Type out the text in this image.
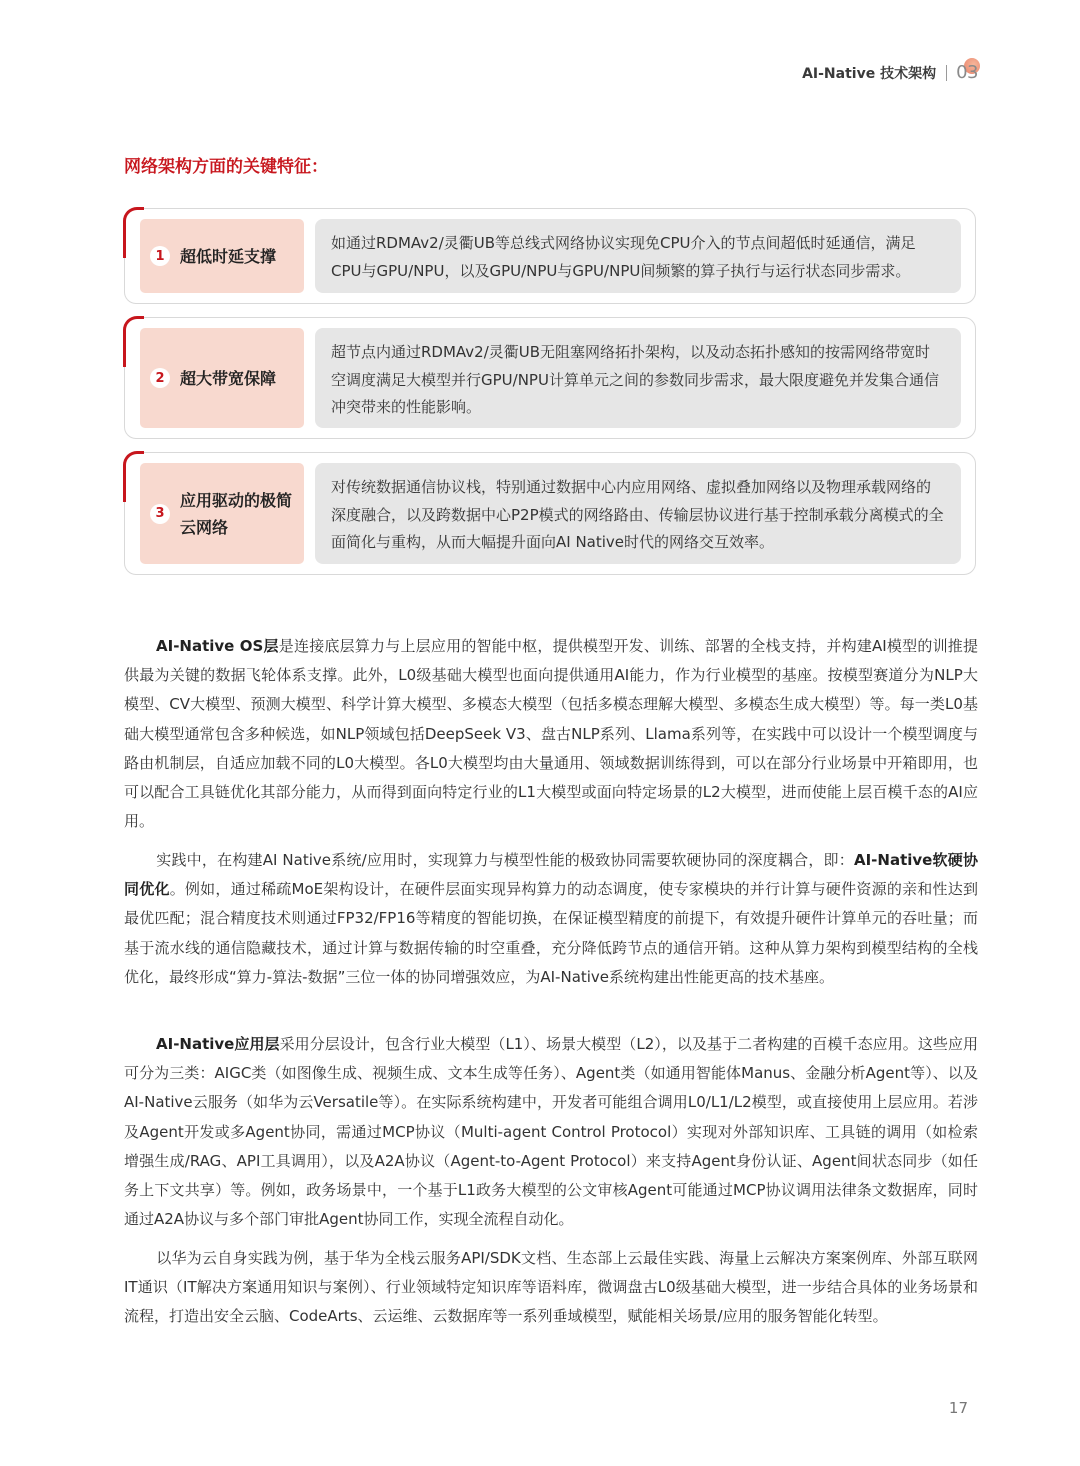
AI-Native 技术架构 03
网络架构方面的关键特征：
1 超低时延支撑
如通过RDMAv2/灵衢UB等总线式网络协议实现免CPU介入的节点间超低时延通信，满足CPU与GPU/NPU，以及GPU/NPU与GPU/NPU间频繁的算子执行与运行状态同步需求。
2 超大带宽保障
超节点内通过RDMAv2/灵衢UB无阻塞网络拓扑架构，以及动态拓扑感知的按需网络带宽时空调度满足大模型并行GPU/NPU计算单元之间的参数同步需求，最大限度避免并发集合通信冲突带来的性能影响。
3
应用驱动的极简云网络
对传统数据通信协议栈，特别通过数据中心内应用网络、虚拟叠加网络以及物理承载网络的深度融合，以及跨数据中心P2P模式的网络路由、传输层协议进行基于控制承载分离模式的全面简化与重构，从而大幅提升面向AI Native时代的网络交互效率。

AI-Native OS层是连接底层算力与上层应用的智能中枢，提供模型开发、训练、部署的全栈支持，并构建AI模型的训推提供最为关键的数据飞轮体系支撑。此外，L0级基础大模型也面向提供通用AI能力，作为行业模型的基座。按模型赛道分为NLP大模型、CV大模型、预测大模型、科学计算大模型、多模态大模型（包括多模态理解大模型、多模态生成大模型）等。每一类L0基础大模型通常包含多种候选，如NLP领域包括DeepSeek V3、盘古NLP系列、Llama系列等，在实践中可以设计一个模型调度与路由机制层，自适应加载不同的L0大模型。各L0大模型均由大量通用、领域数据训练得到，可以在部分行业场景中开箱即用，也可以配合工具链优化其部分能力，从而得到面向特定行业的L1大模型或面向特定场景的L2大模型，进而使能上层百模千态的AI应用。

实践中，在构建AI Native系统/应用时，实现算力与模型性能的极致协同需要软硬协同的深度耦合，即：AI-Native软硬协同优化。例如，通过稀疏MoE架构设计，在硬件层面实现异构算力的动态调度，使专家模块的并行计算与硬件资源的亲和性达到最优匹配；混合精度技术则通过FP32/FP16等精度的智能切换，在保证模型精度的前提下，有效提升硬件计算单元的吞吐量；而基于流水线的通信隐藏技术，通过计算与数据传输的时空重叠，充分降低跨节点的通信开销。这种从算力架构到模型结构的全栈优化，最终形成“算力-算法-数据”三位一体的协同增强效应，为AI-Native系统构建出性能更高的技术基座。

AI-Native应用层采用分层设计，包含行业大模型（L1）、场景大模型（L2），以及基于二者构建的百模千态应用。这些应用可分为三类：AIGC类（如图像生成、视频生成、文本生成等任务）、Agent类（如通用智能体Manus、金融分析Agent等）、以及AI-Native云服务（如华为云Versatile等）。在实际系统构建中，开发者可能组合调用L0/L1/L2模型，或直接使用上层应用。若涉及Agent开发或多Agent协同，需通过MCP协议（Multi-agent Control Protocol）实现对外部知识库、工具链的调用（如检索增强生成/RAG、API工具调用），以及A2A协议（Agent-to-Agent Protocol）来支持Agent身份认证、Agent间状态同步（如任务上下文共享）等。例如，政务场景中，一个基于L1政务大模型的公文审核Agent可能通过MCP协议调用法律条文数据库，同时通过A2A协议与多个部门审批Agent协同工作，实现全流程自动化。

以华为云自身实践为例，基于华为全栈云服务API/SDK文档、生态部上云最佳实践、海量上云解决方案案例库、外部互联网IT通识（IT解决方案通用知识与案例）、行业领域特定知识库等语料库，微调盘古L0级基础大模型，进一步结合具体的业务场景和流程，打造出安全云脑、CodeArts、云运维、云数据库等一系列垂域模型，赋能相关场景/应用的服务智能化转型。

17
